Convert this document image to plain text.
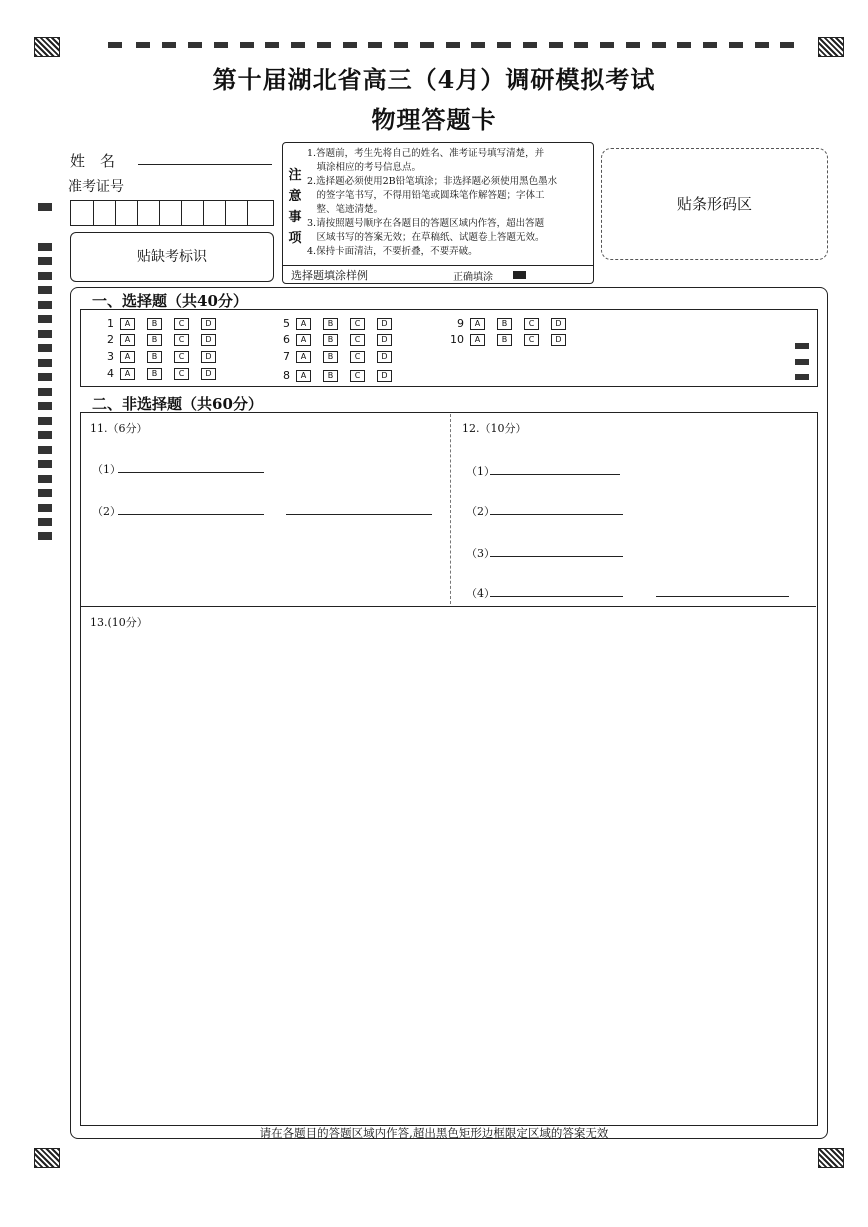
第十届湖北省高三（4月）调研模拟考试
物理答题卡
姓　名
准考证号
贴缺考标识
注
意
事
项
1.答题前，考生先将自己的姓名、准考证号填写清楚，并
　填涂相应的考号信息点。
2.选择题必须使用2B铅笔填涂；非选择题必须使用黑色墨水
　的签字笔书写，不得用铅笔或圆珠笔作解答题；字体工
　整、笔迹清楚。
3.请按照题号顺序在各题目的答题区域内作答，超出答题
　区域书写的答案无效；在草稿纸、试题卷上答题无效。
4.保持卡面清洁，不要折叠，不要弄破。
选择题填涂样例	正确填涂
贴条形码区
一、选择题（共40分）
1 A	B	C	D
2 A	B	C	D
3 A	B	C	D
4 A	B	C	D
5 A	B	C	D
6 A	B	C	D
7 A	B	C	D
8 A	B	C	D
9 A	B	C	D
10 A	B	C	D
二、非选择题（共60分）
11.（6分）
（1）
（2）
12.（10分）
（1）
（2）
（3）
（4）
13.(10分）
请在各题目的答题区域内作答,超出黑色矩形边框限定区域的答案无效
